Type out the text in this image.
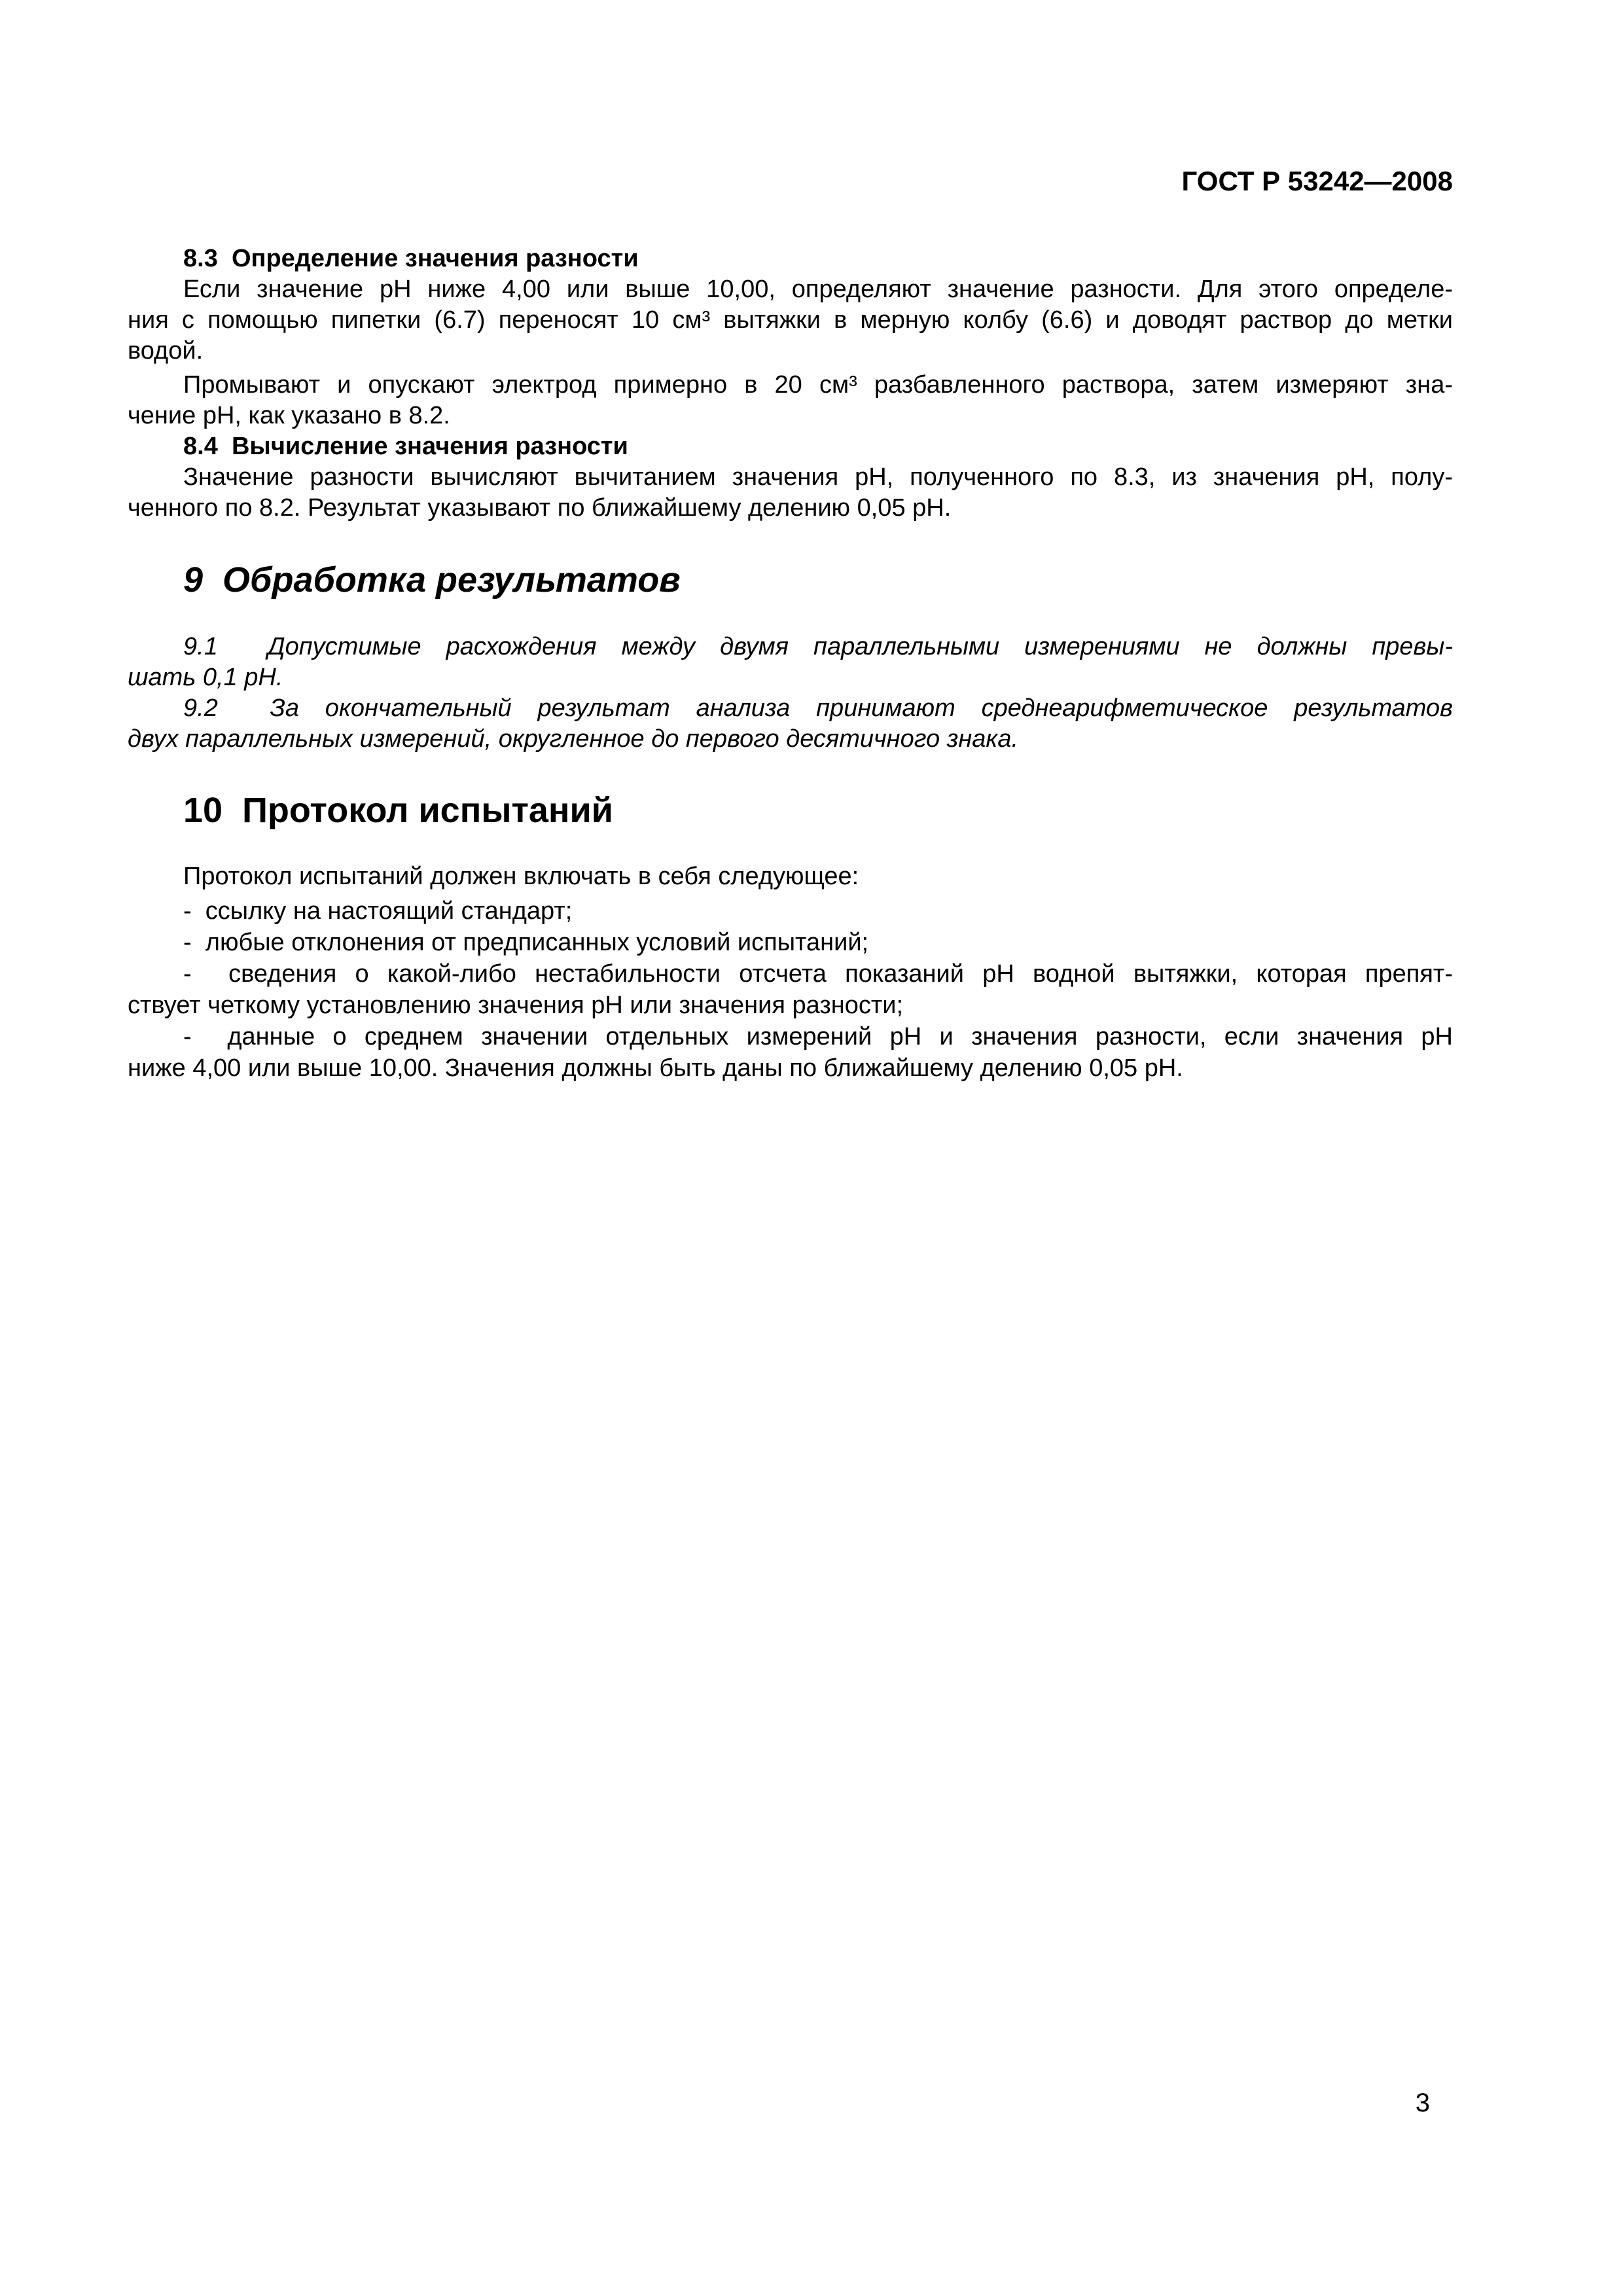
ГОСТ Р 53242—2008
8.3  Определение значения разности
Если значение pH ниже 4,00 или выше 10,00, определяют значение разности. Для этого определе-
ния с помощью пипетки (6.7) переносят 10 см³ вытяжки в мерную колбу (6.6) и доводят раствор до метки
водой.
Промывают и опускают электрод примерно в 20 см³ разбавленного раствора, затем измеряют зна-
чение pH, как указано в 8.2.
8.4  Вычисление значения разности
Значение разности вычисляют вычитанием значения pH, полученного по 8.3, из значения pH, полу-
ченного по 8.2. Результат указывают по ближайшему делению 0,05 pH.
9  Обработка результатов
9.1  Допустимые расхождения между двумя параллельными измерениями не должны превы-
шать 0,1 pH.
9.2  За окончательный результат анализа принимают среднеарифметическое результатов
двух параллельных измерений, округленное до первого десятичного знака.
10  Протокол испытаний
Протокол испытаний должен включать в себя следующее:
-  ссылку на настоящий стандарт;
-  любые отклонения от предписанных условий испытаний;
-  сведения о какой-либо нестабильности отсчета показаний pH водной вытяжки, которая препят-
ствует четкому установлению значения pH или значения разности;
-  данные о среднем значении отдельных измерений pH и значения разности, если значения pH
ниже 4,00 или выше 10,00. Значения должны быть даны по ближайшему делению 0,05 pH.
3
